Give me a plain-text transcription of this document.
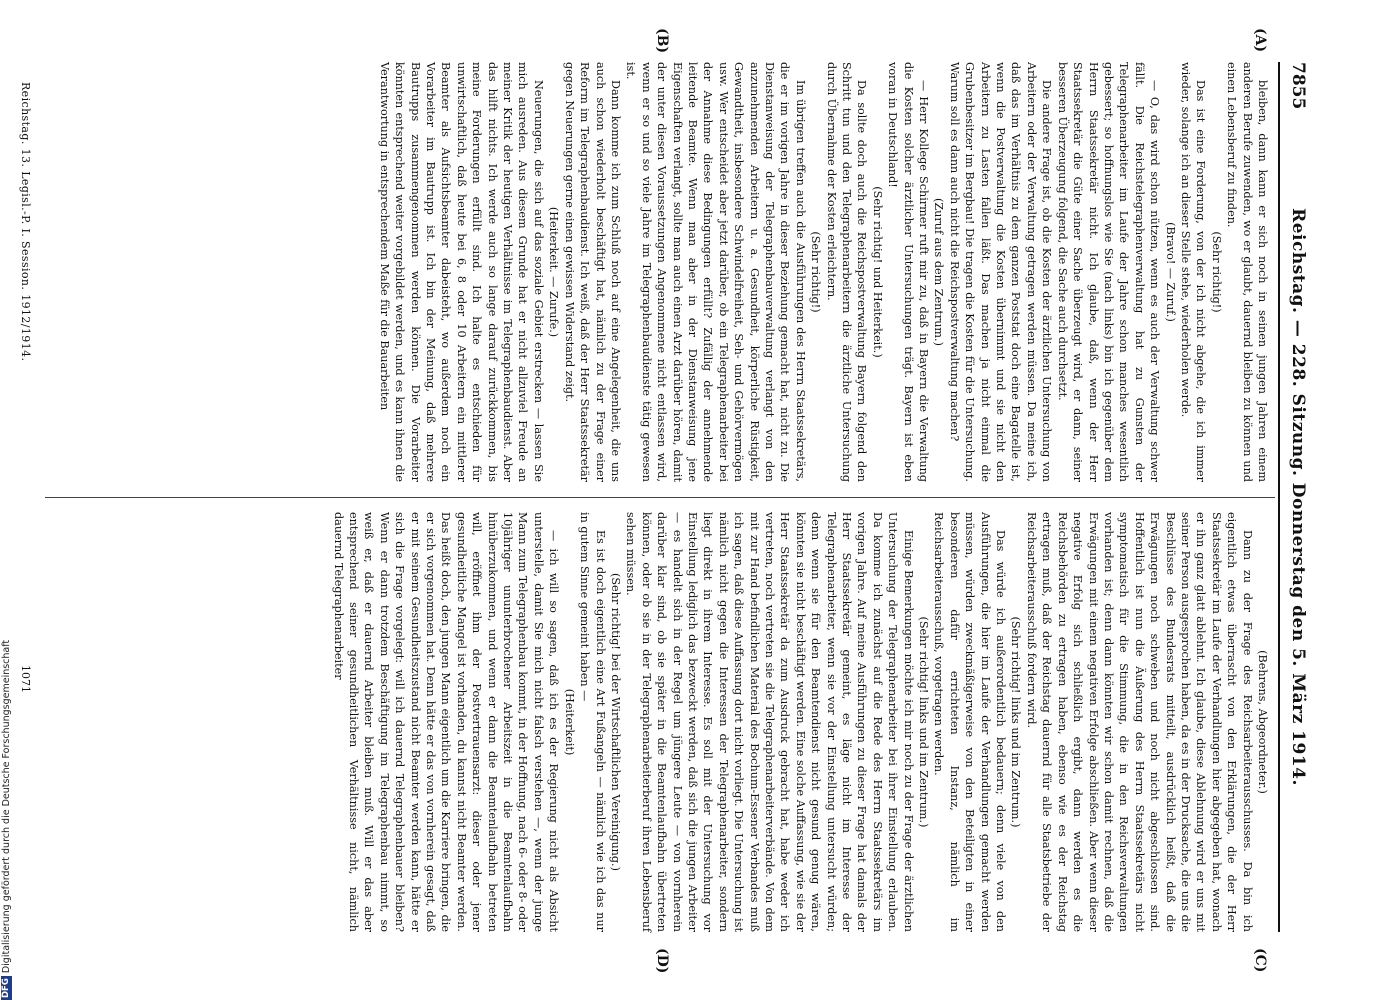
7855
Reichstag. — 228. Sitzung. Donnerstag den 5. März 1914.
(A)
(B)
(C)
(D)

bleiben, dann kann er sich noch in seinen jungen Jahren einem anderen Berufe zuwenden, wo er glaubt, dauernd bleiben zu können und einen Lebensberuf zu finden.

(Sehr richtig!)

Das ist eine Forderung, von der ich nicht abgehe, die ich immer wieder, solange ich an dieser Stelle stehe, wiederholen werde.

(Bravo! — Zuruf.)

— O, das wird schon nützen, wenn es auch der Verwaltung schwer fällt. Die Reichstelegraphenverwaltung hat zu Gunsten der Telegraphenarbeiter im Laufe der Jahre schon manches wesentlich gebessert; so hoffnungslos wie Sie (nach links) bin ich gegenüber dem Herrn Staatssekretär nicht. Ich glaube, daß, wenn der Herr Staatssekretär die Güte einer Sache überzeugt wird, er dann, seiner besseren Überzeugung folgend, die Sache auch durchsetzt.

Die andere Frage ist, ob die Kosten der ärztlichen Untersuchung von Arbeitern oder der Verwaltung getragen werden müssen. Da meine ich, daß das im Verhältnis zu dem ganzen Poststat doch eine Bagatelle ist, wenn die Postverwaltung die Kosten übernimmt und sie nicht den Arbeitern zu Lasten fallen läßt. Das machen ja nicht einmal die Grubenbesitzer im Bergbau! Die tragen die Kosten für die Untersuchung. Warum soll es dann auch nicht die Reichspostverwaltung machen?

(Zuruf aus dem Zentrum.)

— Herr Kollege Schirmer ruft mir zu, daß in Bayern die Verwaltung die Kosten solcher ärztlicher Untersuchungen trägt. Bayern ist eben voran in Deutschland!

(Sehr richtig! und Heiterkeit.)

Da sollte doch auch die Reichspostverwaltung Bayern folgend den Schritt tun und den Telegraphenarbeitern die ärztliche Untersuchung durch Übernahme der Kosten erleichtern.

(Sehr richtig!)

Im übrigen treffen auch die Ausführungen des Herrn Staatssekretärs, die er im vorigen Jahre in dieser Beziehung gemacht hat, nicht zu. Die Dienstanweisung der Telegraphenbauverwaltung verlangt von den anzunehmenden Arbeitern u. a. Gesundheit, körperliche Rüstigkeit, Gewandtheit, insbesondere Schwindelfreiheit, Seh- und Gehörvermögen usw. Wer entscheidet aber jetzt darüber, ob ein Telegraphenarbeiter bei der Annahme diese Bedingungen erfüllt? Zufällig der annehmende leitende Beamte. Wenn man aber in der Dienstanweisung jene Eigenschaften verlangt, sollte man auch einen Arzt darüber hören, damit der unter diesen Voraussetzungen Angenommene nicht entlassen wird, wenn er so und so viele Jahre im Telegraphenbaudienste tätig gewesen ist.

Dann komme ich zum Schluß noch auf eine Angelegenheit, die uns auch schon wiederholt beschäftigt hat, nämlich zu der Frage einer Reform im Telegraphenbaudienst. Ich weiß, daß der Herr Staatssekretär gegen Neuerungen gerne einen gewissen Widerstand zeigt.

(Heiterkeit. — Zurufe.)

Neuerungen, die sich auf das soziale Gebiet erstrecken — lassen Sie mich ausreden. Aus diesem Grunde hat er nicht allzuviel Freude an meiner Kritik der heutigen Verhältnisse im Telegraphenbaudienst. Aber das hilft nichts. Ich werde auch so lange darauf zurückkommen, bis meine Forderungen erfüllt sind. Ich halte es entschieden für unwirtschaftlich, daß heute bei 6, 8 oder 10 Arbeitern ein mittlerer Beamter als Aufsichtsbeamter dabeisteht, wo außerdem noch ein Vorarbeiter im Bautrupp ist. Ich bin der Meinung, daß mehrere Bautrupps zusammengenommen werden können. Die Vorarbeiter könnten entsprechend weiter vorgebildet werden, und es kann ihnen die Verantwortung in entsprechendem Maße für die Bauarbeiten

(Behrens, Abgeordneter.)

Dann zu der Frage des Reichsarbeiterausschusses. Da bin ich eigentlich etwas überrascht von den Erklärungen, die der Herr Staatssekretär im Laufe der Verhandlungen hier abgegeben hat, wonach er ihn ganz glatt ablehnt. Ich glaube, diese Ablehnung wird er uns mit seiner Person ausgesprochen haben, da es in der Drucksache, die uns die Beschlüsse des Bundesrats mitteilt, ausdrücklich heißt, daß die Erwägungen noch schweben und noch nicht abgeschlossen sind. Hoffentlich ist nun die Äußerung des Herrn Staatssekretärs nicht symptomatisch für die Stimmung, die in den Reichsverwaltungen vorhanden ist; denn dann könnten wir schon damit rechnen, daß die Erwägungen mit einem negativen Erfolge abschließen. Aber wenn dieser negative Erfolg sich schließlich ergibt, dann werden es die Reichsbehörden zu ertragen haben, ebenso wie es der Reichstag ertragen muß, daß der Reichstag dauernd für alle Staatsbetriebe der Reichsarbeiterausschuß fordern wird.

(Sehr richtig! links und im Zentrum.)

Das würde ich außerordentlich bedauern; denn viele von den Ausführungen, die hier im Laufe der Verhandlungen gemacht werden müssen, würden zweckmäßigerweise von den Beteiligten in einer besonderen dafür errichteten Instanz, nämlich im Reichsarbeiterausschuß, vorgetragen werden.

(Sehr richtig! links und im Zentrum.)

Einige Bemerkungen möchte ich mir noch zu der Frage der ärztlichen Untersuchung der Telegraphenarbeiter bei ihrer Einstellung erlauben. Da komme ich zunächst auf die Rede des Herrn Staatssekretärs im vorigen Jahre. Auf meine Ausführungen zu dieser Frage hat damals der Herr Staatssekretär gemeint, es läge nicht im Interesse der Telegraphenarbeiter, wenn sie vor der Einstellung untersucht würden; denn wenn sie für den Beamtendienst nicht gesund genug wären, könnten sie nicht beschäftigt werden. Eine solche Auffassung, wie sie der Herr Staatssekretär da zum Ausdruck gebracht hat, habe weder ich vertreten, noch vertreten sie die Telegraphenarbeiterverbände. Von dem mit zur Hand befindlichen Material des Bochum-Essener Verbandes muß ich sagen, daß diese Auffassung dort nicht vorliegt. Die Untersuchung ist nämlich nicht gegen die Interessen der Telegraphenarbeiter, sondern liegt direkt in ihrem Interesse. Es soll mit der Untersuchung vor Einstellung lediglich das bezweckt werden, daß sich die jungen Arbeiter — es handelt sich in der Regel um jüngere Leute — von vornherein darüber klar sind, ob sie später in die Beamtenlaufbahn übertreten können, oder ob sie in der Telegraphenarbeiterberuf ihren Lebensberuf sehen müssen.

(Sehr richtig! bei der Wirtschaftlichen Vereinigung.)

Es ist doch eigentlich eine Art Fußangeln — nämlich wie ich das nur in gutem Sinne gemeint haben —

(Heiterkeit)

— ich will so sagen, daß ich es der Regierung nicht als Absicht unterstelle, damit Sie mich nicht falsch verstehen —, wenn der junge Mann zum Telegraphenbau kommt, in der Hoffnung, nach 6- oder 8- oder 10jähriger ununterbrochener Arbeitszeit in die Beamtenlaufbahn hinüberzukommen, und wenn er dann die Beamtenlaufbahn betreten will, eröffnet ihm der Postvertrauensarzt: dieser oder jener gesundheitliche Mangel ist vorhanden, du kannst nicht Beamter werden. Das heißt doch, den jungen Mann eigentlich um die Karriere bringen, die er sich vorgenommen hat. Denn hätte er das von vornherein gesagt, daß er mit seinem Gesundheitszustand nicht Beamter werden kann, hätte er sich die Frage vorgelegt: will ich dauernd Telegraphenbauer bleiben? Wenn er dann trotzdem Beschäftigung im Telegraphenbau nimmt, so weiß er, daß er dauernd Arbeiter bleiben muß. Will er das aber entsprechend seiner gesundheitlichen Verhältnisse nicht, nämlich dauernd Telegraphenarbeiter

Reichstag. 13. Legisl.-P. I. Session. 1912/1914.
1071
DFGDigitalisierung gefördert durch die Deutsche Forschungsgemeinschaft
